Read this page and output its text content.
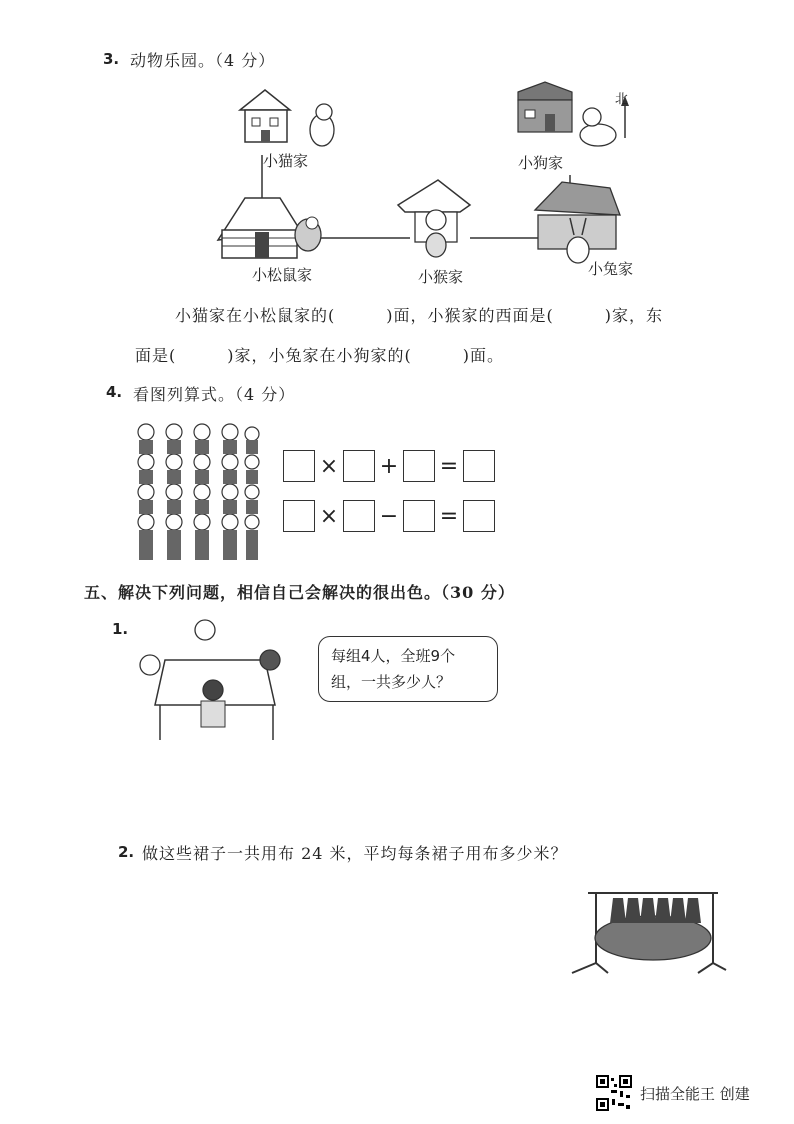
3. 动物乐园。（4 分）
北
小猫家	小狗家
小松鼠家	小猴家	小兔家
小猫家在小松鼠家的(　　　)面，小猴家的西面是(　　　)家，东
面是(　　　)家，小兔家在小狗家的(　　　)面。
4. 看图列算式。（4 分）
× + =
× − =
五、解决下列问题，相信自己会解决的很出色。（30 分）
1.
每组4人，全班9个
组，一共多少人？
2. 做这些裙子一共用布 24 米，平均每条裙子用布多少米？
扫描全能王 创建
